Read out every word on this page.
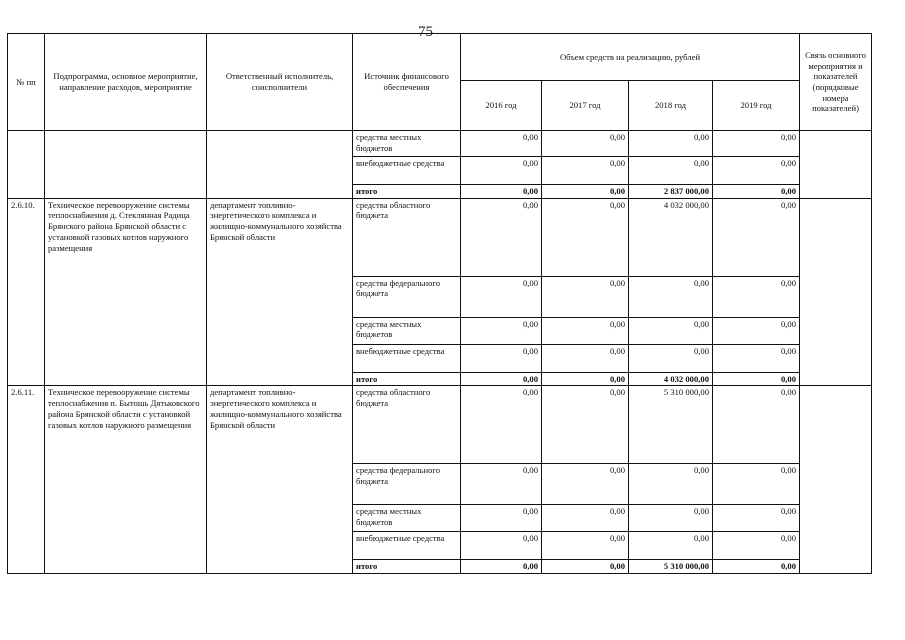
75
№ пп	Подпрограмма, основное мероприятие, направление расходов, мероприятие	Ответственный исполнитель, соисполнители	Источник финансового обеспечения	Объем средств на реализацию, рублей				Связь основного мероприятия и показателей (порядковые номера показателей)
				2016 год	2017 год	2018 год	2019 год	
			средства местных бюджетов	0,00	0,00	0,00	0,00	
			внебюджетные средства	0,00	0,00	0,00	0,00	
			итого	0,00	0,00	2 837 000,00	0,00	
2.6.10.	Техническое перевооружение системы теплоснабжения д. Стеклянная Радица Брянского района Брянской области с установкой газовых котлов наружного размещения	департамент топливно-энергетического комплекса и жилищно-коммунального хозяйства Брянской области	средства областного бюджета	0,00	0,00	4 032 000,00	0,00	
			средства федерального бюджета	0,00	0,00	0,00	0,00	
			средства местных бюджетов	0,00	0,00	0,00	0,00	
			внебюджетные средства	0,00	0,00	0,00	0,00	
			итого	0,00	0,00	4 032 000,00	0,00	
2.6.11.	Техническое перевооружение системы теплоснабжения п. Бытошь Дятьковского района Брянской области с установкой газовых котлов наружного размещения	департамент топливно-энергетического комплекса и жилищно-коммунального хозяйства Брянской области	средства областного бюджета	0,00	0,00	5 310 000,00	0,00	
			средства федерального бюджета	0,00	0,00	0,00	0,00	
			средства местных бюджетов	0,00	0,00	0,00	0,00	
			внебюджетные средства	0,00	0,00	0,00	0,00	
			итого	0,00	0,00	5 310 000,00	0,00	
